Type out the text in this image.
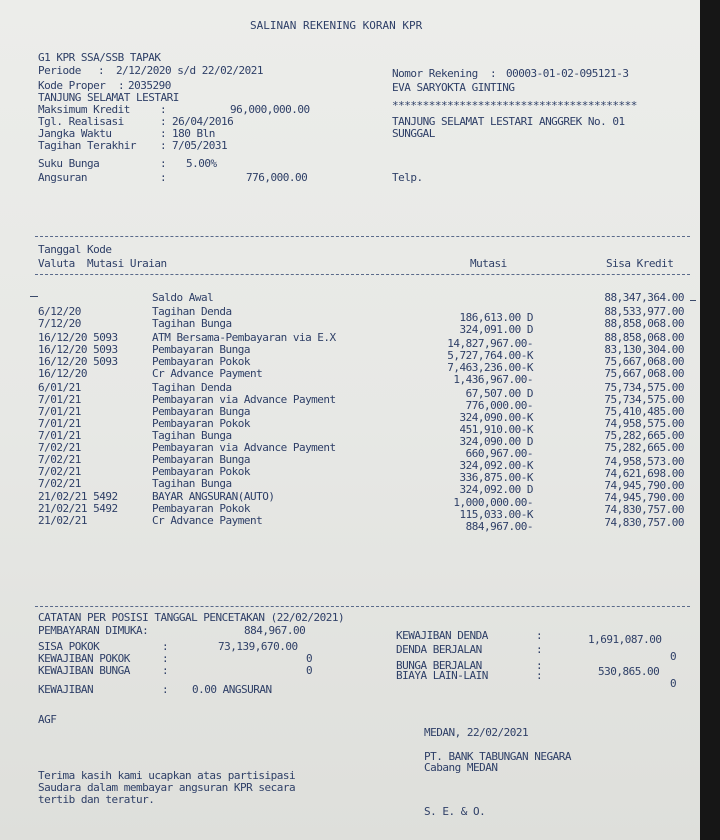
SALINAN REKENING KORAN KPR
G1 KPR SSA/SSB TAPAK
Periode : 2/12/2020 s/d 22/02/2021
Kode Proper : 2035290
TANJUNG SELAMAT LESTARI
Maksimum Kredit	:	96,000,000.00
Tgl. Realisasi	: 26/04/2016
Jangka Waktu	: 180 Bln
Tagihan Terakhir : 7/05/2031
Suku Bunga	: 5.00%
Angsuran	:	776,000.00
Nomor Rekening : 00003-01-02-095121-3
EVA SARYOKTA GINTING
****************************************
TANJUNG SELAMAT LESTARI ANGGREK No. 01
SUNGGAL
Telp.
Tanggal Kode
Valuta  Mutasi Uraian	Mutasi	Sisa Kredit
Saldo Awal	88,347,364.00
6/12/20	Tagihan Denda	186,613.00 D	88,533,977.00
7/12/20	Tagihan Bunga	324,091.00 D	88,858,068.00
16/12/20 5093	ATM Bersama-Pembayaran via E.X	14,827,967.00-	88,858,068.00
16/12/20 5093	Pembayaran Bunga	5,727,764.00-K	83,130,304.00
16/12/20 5093	Pembayaran Pokok	7,463,236.00-K	75,667,068.00
16/12/20	Cr Advance Payment	1,436,967.00-	75,667,068.00
6/01/21	Tagihan Denda	67,507.00 D	75,734,575.00
7/01/21	Pembayaran via Advance Payment	776,000.00-	75,734,575.00
7/01/21	Pembayaran Bunga	324,090.00-K	75,410,485.00
7/01/21	Pembayaran Pokok	451,910.00-K	74,958,575.00
7/01/21	Tagihan Bunga	324,090.00 D	75,282,665.00
7/02/21	Pembayaran via Advance Payment	660,967.00-	75,282,665.00
7/02/21	Pembayaran Bunga	324,092.00-K	74,958,573.00
7/02/21	Pembayaran Pokok	336,875.00-K	74,621,698.00
7/02/21	Tagihan Bunga	324,092.00 D	74,945,790.00
21/02/21 5492	BAYAR ANGSURAN(AUTO)	1,000,000.00-	74,945,790.00
21/02/21 5492	Pembayaran Pokok	115,033.00-K	74,830,757.00
21/02/21	Cr Advance Payment	884,967.00-	74,830,757.00
CATATAN PER POSISI TANGGAL PENCETAKAN (22/02/2021)
PEMBAYARAN DIMUKA:	884,967.00
SISA POKOK	:	73,139,670.00
KEWAJIBAN POKOK	:	0
KEWAJIBAN BUNGA	:	0
KEWAJIBAN	: 0.00 ANGSURAN
KEWAJIBAN DENDA	:	1,691,087.00
DENDA BERJALAN	:
0
BUNGA BERJALAN	:	530,865.00
BIAYA LAIN-LAIN	:
0
AGF
MEDAN, 22/02/2021
PT. BANK TABUNGAN NEGARA
Cabang MEDAN
Terima kasih kami ucapkan atas partisipasi
Saudara dalam membayar angsuran KPR secara
tertib dan teratur.
S. E. & O.
